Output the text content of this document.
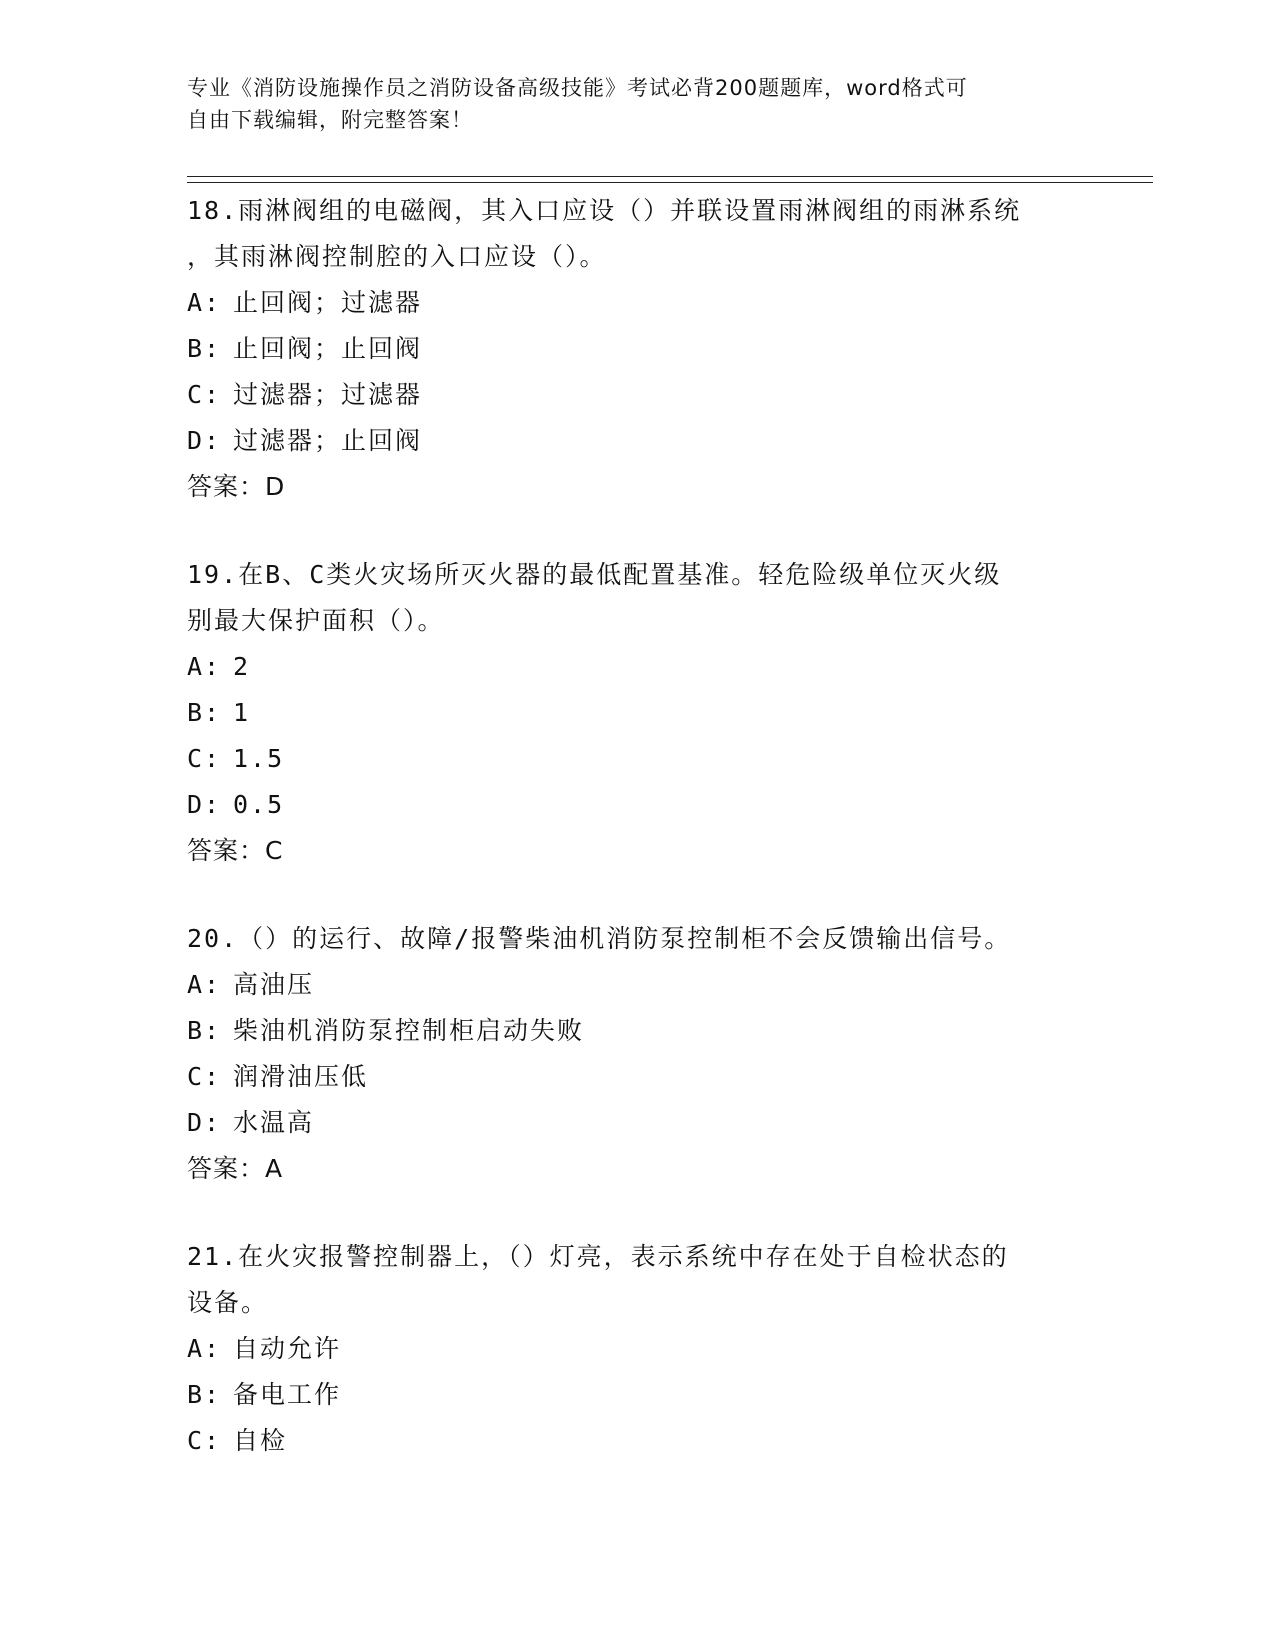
专业《消防设施操作员之消防设备高级技能》考试必背200题题库，word格式可
自由下载编辑，附完整答案！
18.雨淋阀组的电磁阀，其入口应设（）并联设置雨淋阀组的雨淋系统
，其雨淋阀控制腔的入口应设（）。
A: 止回阀；过滤器
B: 止回阀；止回阀
C: 过滤器；过滤器
D: 过滤器；止回阀
答案：D
19.在B、C类火灾场所灭火器的最低配置基准。轻危险级单位灭火级
别最大保护面积（）。
A: 2
B: 1
C: 1.5
D: 0.5
答案：C
20.（）的运行、故障/报警柴油机消防泵控制柜不会反馈输出信号。
A: 高油压
B: 柴油机消防泵控制柜启动失败
C: 润滑油压低
D: 水温高
答案：A
21.在火灾报警控制器上，（）灯亮，表示系统中存在处于自检状态的
设备。
A: 自动允许
B: 备电工作
C: 自检
